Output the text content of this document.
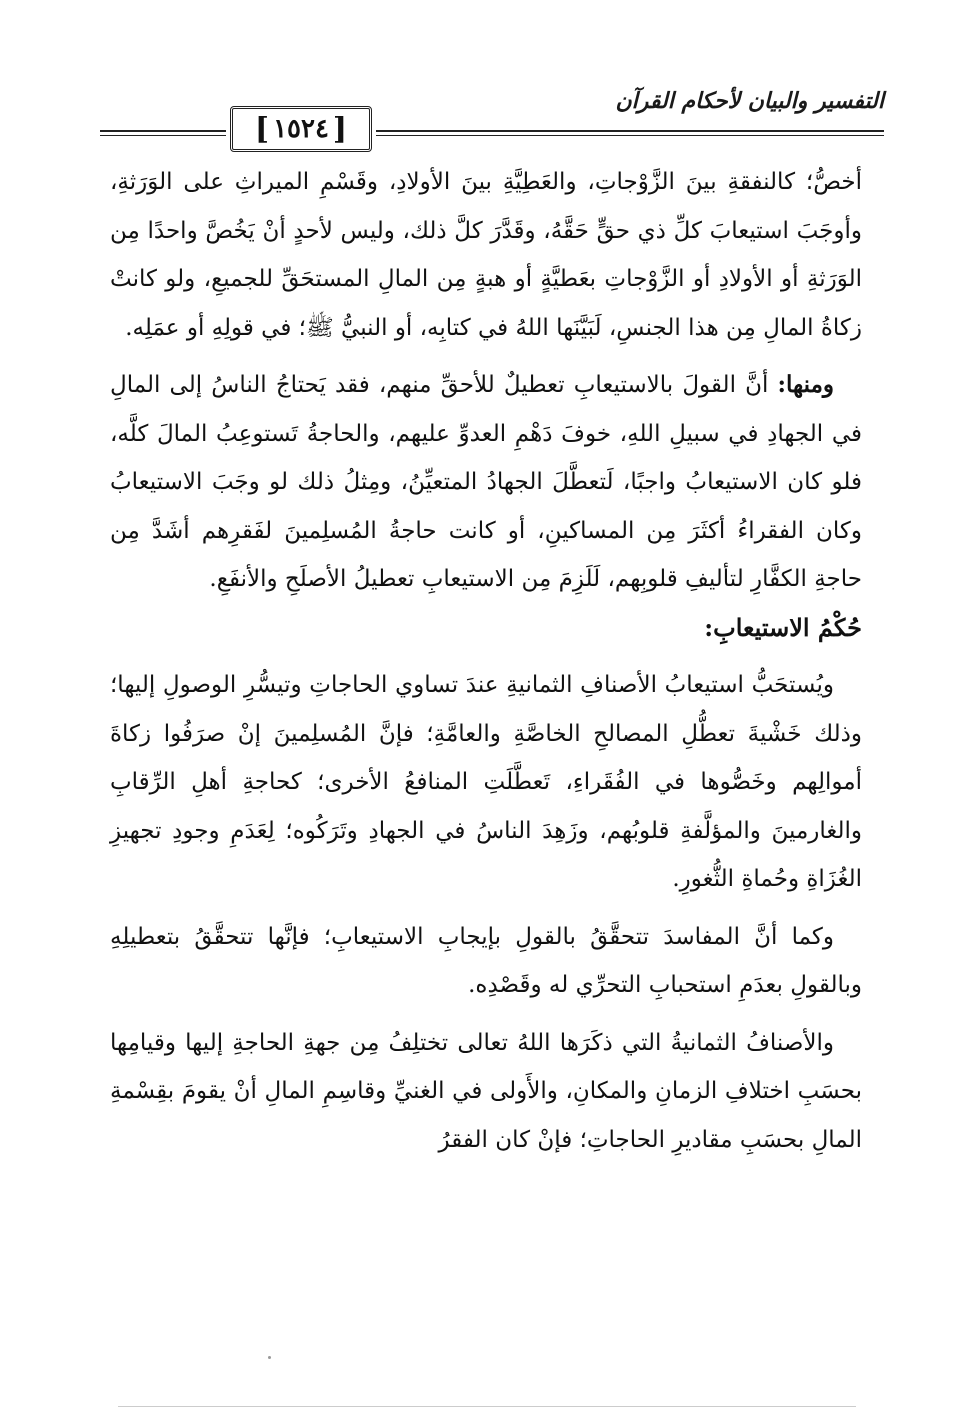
التفسير والبيان لأحكام القرآن
[ ١٥٢٤ ]

أخصُّ؛ كالنفقةِ بينَ الزَّوْجاتِ، والعَطِيَّةِ بينَ الأولادِ، وقَسْمِ الميراثِ على الوَرَثةِ، وأوجَبَ استيعابَ كلِّ ذي حقٍّ حَقَّهُ، وقَدَّرَ كلَّ ذلك، وليس لأحدٍ أنْ يَخُصَّ واحدًا مِن الوَرَثةِ أو الأولادِ أو الزَّوْجاتِ بعَطيَّةٍ أو هبةٍ مِن المالِ المستحَقِّ للجميعِ، ولو كانتْ زكاةُ المالِ مِن هذا الجنسِ، لَبَيَّنَها اللهُ في كتابِه، أو النبيُّ ﷺ؛ في قولِهِ أو عمَلِه.

ومنها: أنَّ القولَ بالاستيعابِ تعطيلٌ للأحقِّ منهم، فقد يَحتاجُ الناسُ إلى المالِ في الجهادِ في سبيلِ اللهِ، خوفَ دَهْمِ العدوِّ عليهم، والحاجةُ تَستوعِبُ المالَ كلَّه، فلو كان الاستيعابُ واجبًا، لَتعطَّلَ الجهادُ المتعيِّنُ، ومِثلُ ذلك لو وجَبَ الاستيعابُ وكان الفقراءُ أكثَرَ مِن المساكينِ، أو كانت حاجةُ المُسلِمينَ لفَقرِهم أشَدَّ مِن حاجةِ الكفَّارِ لتأليفِ قلوبِهم، لَلَزِمَ مِن الاستيعابِ تعطيلُ الأصلَحِ والأنفَعِ.

حُكْمُ الاستيعابِ:

ويُستحَبُّ استيعابُ الأصنافِ الثمانيةِ عندَ تساوي الحاجاتِ وتيسُّرِ الوصولِ إليها؛ وذلك خَشْيةَ تعطُّلِ المصالحِ الخاصَّةِ والعامَّةِ؛ فإنَّ المُسلِمينَ إنْ صرَفُوا زكاةَ أموالِهم وخَصُّوها في الفُقَراءِ، تَعطَّلَتِ المنافعُ الأخرى؛ كحاجةِ أهلِ الرِّقابِ والغارمينَ والمؤلَّفةِ قلوبُهم، وزَهِدَ الناسُ في الجهادِ وتَرَكُوه؛ لِعَدَمِ وجودِ تجهيزِ الغُزَاةِ وحُماةِ الثُّغورِ.

وكما أنَّ المفاسدَ تتحقَّقُ بالقولِ بإيجابِ الاستيعابِ؛ فإنَّها تتحقَّقُ بتعطيلِهِ وبالقولِ بعدَمِ استحبابِ التحرِّي له وقَصْدِه.

والأصنافُ الثمانيةُ التي ذكَرَها اللهُ تعالى تختلِفُ مِن جهةِ الحاجةِ إليها وقيامِها بحسَبِ اختلافِ الزمانِ والمكانِ، والأَولى في الغنيِّ وقاسِمِ المالِ أنْ يقومَ بقِسْمةِ المالِ بحسَبِ مقاديرِ الحاجاتِ؛ فإنْ كان الفقرُ
